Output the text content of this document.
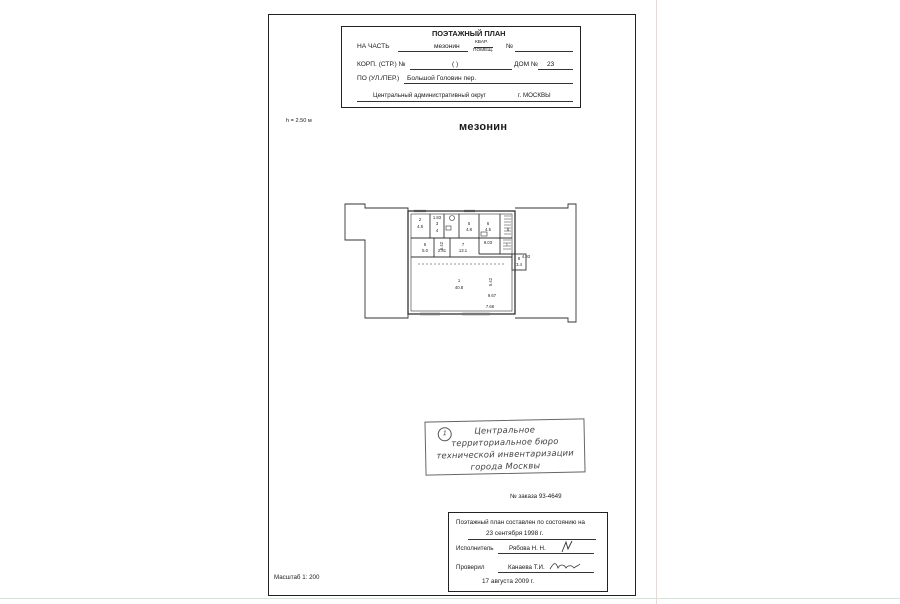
ПОЭТАЖНЫЙ ПЛАН
НА ЧАСТЬ	мезонин
КВАР.
ПОМЕЩ.
№
КОРП. (СТР.) №	( )	ДОМ № 23
ПО (УЛ./ПЕР.) Большой Головин пер.
Центральный административный округ	г. МОСКВЫ
h = 2.50 м	мезонин
2
4.8
1.83
3
4
5
4.8
6
4.5	5
6
5.0
7
13.1
8
3.4
1
40.8
I
2.81
9.03
4.93
5.42
5.42
9.67
7.66
1	Центральное
территориальное бюро
технической инвентаризации
города Москвы
№ заказа 93-4649
Поэтажный план составлен по состоянию на
23 сентября 1998 г.
Исполнитель Рябова Н. Н.
Проверил	Канаева Т.И.
17 августа 2009 г.
Масштаб 1: 200
